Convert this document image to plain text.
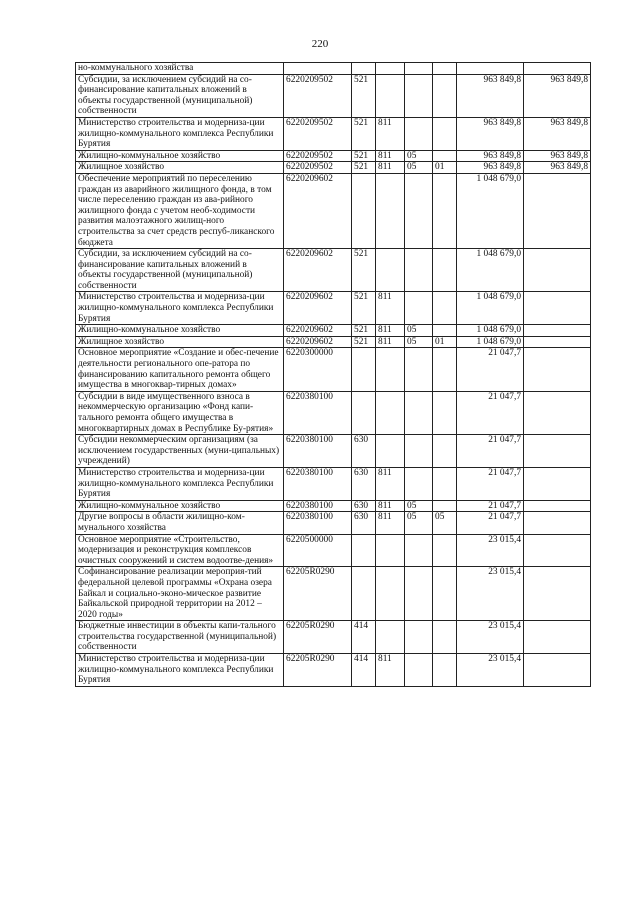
220
но-коммунального хозяйства							
Субсидии, за исключением субсидий на со-финансирование капитальных вложений в объекты государственной (муниципальной) собственности	6220209502	521				963 849,8	963 849,8
Министерство строительства и модерниза-ции жилищно-коммунального комплекса Республики Бурятия	6220209502	521	811			963 849,8	963 849,8
Жилищно-коммунальное хозяйство	6220209502	521	811	05		963 849,8	963 849,8
Жилищное хозяйство	6220209502	521	811	05	01	963 849,8	963 849,8
Обеспечение мероприятий по переселению граждан из аварийного жилищного фонда, в том числе переселению граждан из ава-рийного жилищного фонда с учетом необ-ходимости развития малоэтажного жилищ-ного строительства за счет средств респуб-ликанского бюджета	6220209602					1 048 679,0	
Субсидии, за исключением субсидий на со-финансирование капитальных вложений в объекты государственной (муниципальной) собственности	6220209602	521				1 048 679,0	
Министерство строительства и модерниза-ции жилищно-коммунального комплекса Республики Бурятия	6220209602	521	811			1 048 679,0	
Жилищно-коммунальное хозяйство	6220209602	521	811	05		1 048 679,0	
Жилищное хозяйство	6220209602	521	811	05	01	1 048 679,0	
Основное мероприятие «Создание и обес-печение деятельности регионального опе-ратора по финансированию капитального ремонта общего имущества в многоквар-тирных домах»	6220300000					21 047,7	
Субсидии в виде имущественного взноса в некоммерческую организацию «Фонд капи-тального ремонта общего имущества в многоквартирных домах в Республике Бу-рятия»	6220380100					21 047,7	
Субсидии некоммерческим организациям (за исключением государственных (муни-ципальных) учреждений)	6220380100	630				21 047,7	
Министерство строительства и модерниза-ции жилищно-коммунального комплекса Республики Бурятия	6220380100	630	811			21 047,7	
Жилищно-коммунальное хозяйство	6220380100	630	811	05		21 047,7	
Другие вопросы в области жилищно-ком-мунального хозяйства	6220380100	630	811	05	05	21 047,7	
Основное мероприятие «Строительство, модернизация и реконструкция комплексов очистных сооружений и систем водоотве-дения»	6220500000					23 015,4	
Софинансирование реализации мероприя-тий федеральной целевой программы «Охрана озера Байкал и социально-эконо-мическое развитие Байкальской природной территории на 2012 – 2020 годы»	62205R0290					23 015,4	
Бюджетные инвестиции в объекты капи-тального строительства государственной (муниципальной) собственности	62205R0290	414				23 015,4	
Министерство строительства и модерниза-ции жилищно-коммунального комплекса Республики Бурятия	62205R0290	414	811			23 015,4	
